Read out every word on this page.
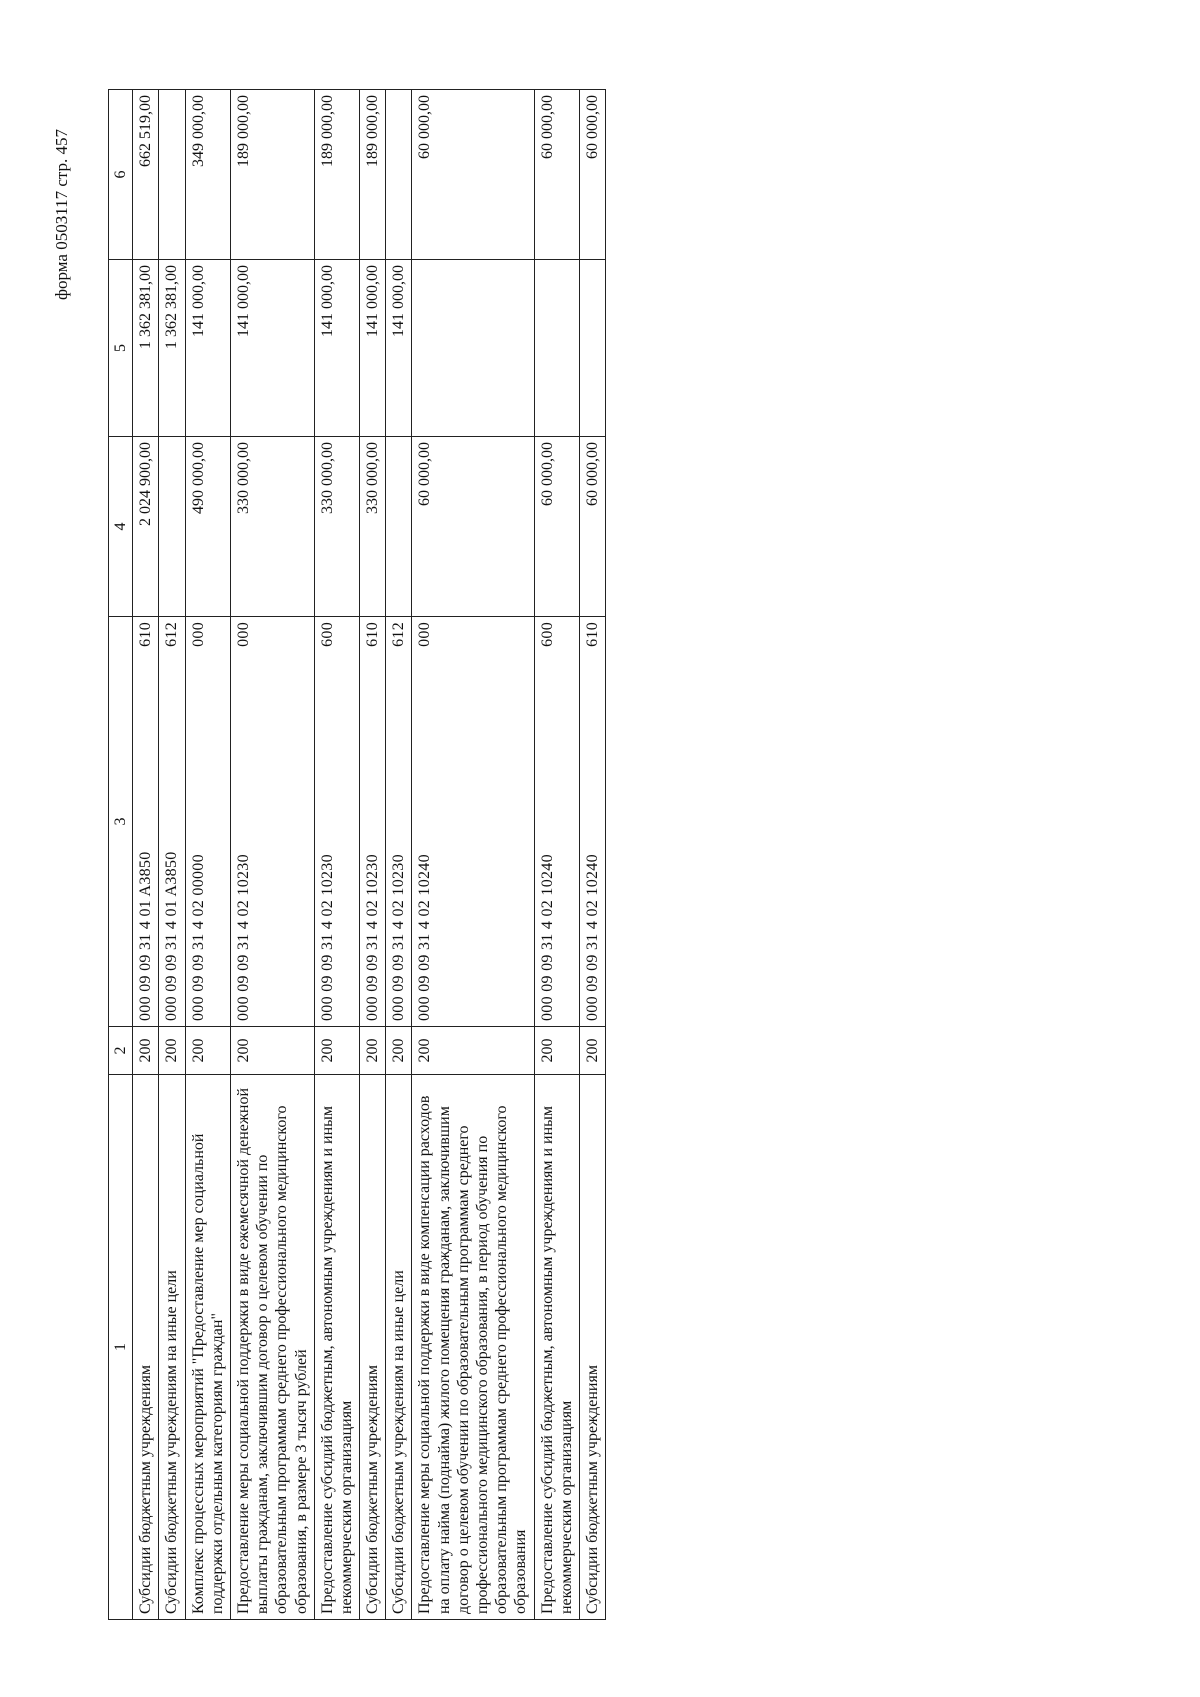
форма 0503117 стр. 457
1	2	3		4	5	6
Субсидии бюджетным учреждениям	200	000 09 09 31 4 01 A3850	610	2 024 900,00	1 362 381,00	662 519,00
Субсидии бюджетным учреждениям на иные цели	200	000 09 09 31 4 01 A3850	612		1 362 381,00	
Комплекс процессных мероприятий "Предоставление мер социальной поддержки отдельным категориям граждан"	200	000 09 09 31 4 02 00000	000	490 000,00	141 000,00	349 000,00
Предоставление меры социальной поддержки в виде ежемесячной денежной выплаты гражданам, заключившим договор о целевом обучении по образовательным программам среднего профессионального медицинского образования, в размере 3 тысяч рублей	200	000 09 09 31 4 02 10230	000	330 000,00	141 000,00	189 000,00
Предоставление субсидий бюджетным, автономным учреждениям и иным некоммерческим организациям	200	000 09 09 31 4 02 10230	600	330 000,00	141 000,00	189 000,00
Субсидии бюджетным учреждениям	200	000 09 09 31 4 02 10230	610	330 000,00	141 000,00	189 000,00
Субсидии бюджетным учреждениям на иные цели	200	000 09 09 31 4 02 10230	612		141 000,00	
Предоставление меры социальной поддержки в виде компенсации расходов на оплату найма (поднайма) жилого помещения гражданам, заключившим договор о целевом обучении по образовательным программам среднего профессионального медицинского образования, в период обучения по образовательным программам среднего профессионального медицинского образования	200	000 09 09 31 4 02 10240	000	60 000,00		60 000,00
Предоставление субсидий бюджетным, автономным учреждениям и иным некоммерческим организациям	200	000 09 09 31 4 02 10240	600	60 000,00		60 000,00
Субсидии бюджетным учреждениям	200	000 09 09 31 4 02 10240	610	60 000,00		60 000,00
